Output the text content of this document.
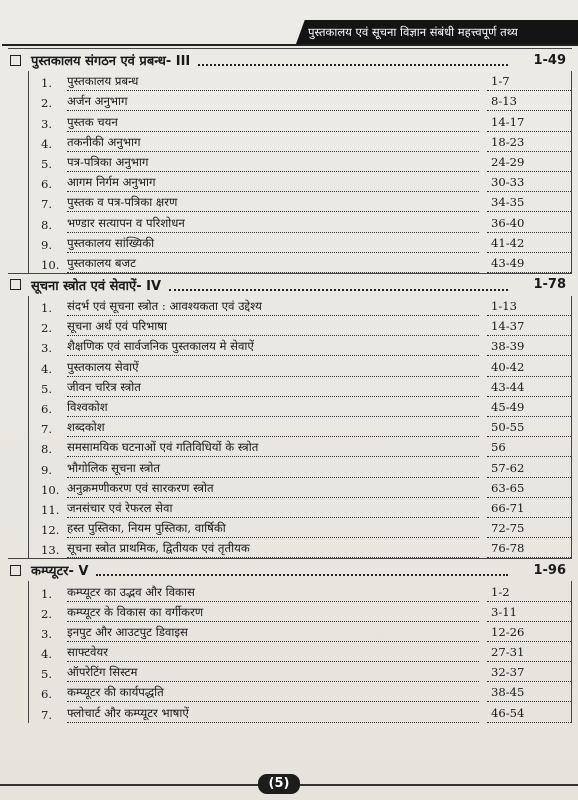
पुस्तकालय एवं सूचना विज्ञान संबंधी महत्त्वपूर्ण तथ्य
पुस्तकालय संगठन एवं प्रबन्ध- III	1-49
1.	पुस्तकालय प्रबन्ध	1-7
2.	अर्जन अनुभाग	8-13
3.	पुस्तक चयन	14-17
4.	तकनीकी अनुभाग	18-23
5.	पत्र-पत्रिका अनुभाग	24-29
6.	आगम निर्गम अनुभाग	30-33
7.	पुस्तक व पत्र-पत्रिका क्षरण	34-35
8.	भण्डार सत्यापन व परिशोधन	36-40
9.	पुस्तकालय सांख्यिकी	41-42
10. पुस्तकालय बजट	43-49
सूचना स्त्रोत एवं सेवाऐं- IV	1-78
1.	संदर्भ एवं सूचना स्त्रोत : आवश्यकता एवं उद्देश्य	1-13
2.	सूचना अर्थ एवं परिभाषा	14-37
3.	शैक्षणिक एवं सार्वजनिक पुस्तकालय मे सेवाऐं	38-39
4.	पुस्तकालय सेवाऐं	40-42
5.	जीवन चरित्र स्त्रोत	43-44
6.	विश्वकोश	45-49
7.	शब्दकोश	50-55
8.	समसामयिक घटनाओं एवं गतिविधियों के स्त्रोत	56
9.	भौगोलिक सूचना स्त्रोत	57-62
10. अनुक्रमणीकरण एवं सारकरण स्त्रोत	63-65
11. जनसंचार एवं रेफरल सेवा	66-71
12. हस्त पुस्तिका, नियम पुस्तिका, वार्षिकी	72-75
13. सूचना स्त्रोत प्राथमिक, द्वितीयक एवं तृतीयक	76-78
कम्प्यूटर- V	1-96
1.	कम्प्यूटर का उद्भव और विकास	1-2
2.	कम्प्यूटर के विकास का वर्गीकरण	3-11
3.	इनपुट और आउटपुट डिवाइस	12-26
4.	साफ्टवेयर	27-31
5.	ऑपरेटिंग सिस्टम	32-37
6.	कम्प्यूटर की कार्यपद्धति	38-45
7.	फ्लोचार्ट और कम्प्यूटर भाषाऐं	46-54
(5)
